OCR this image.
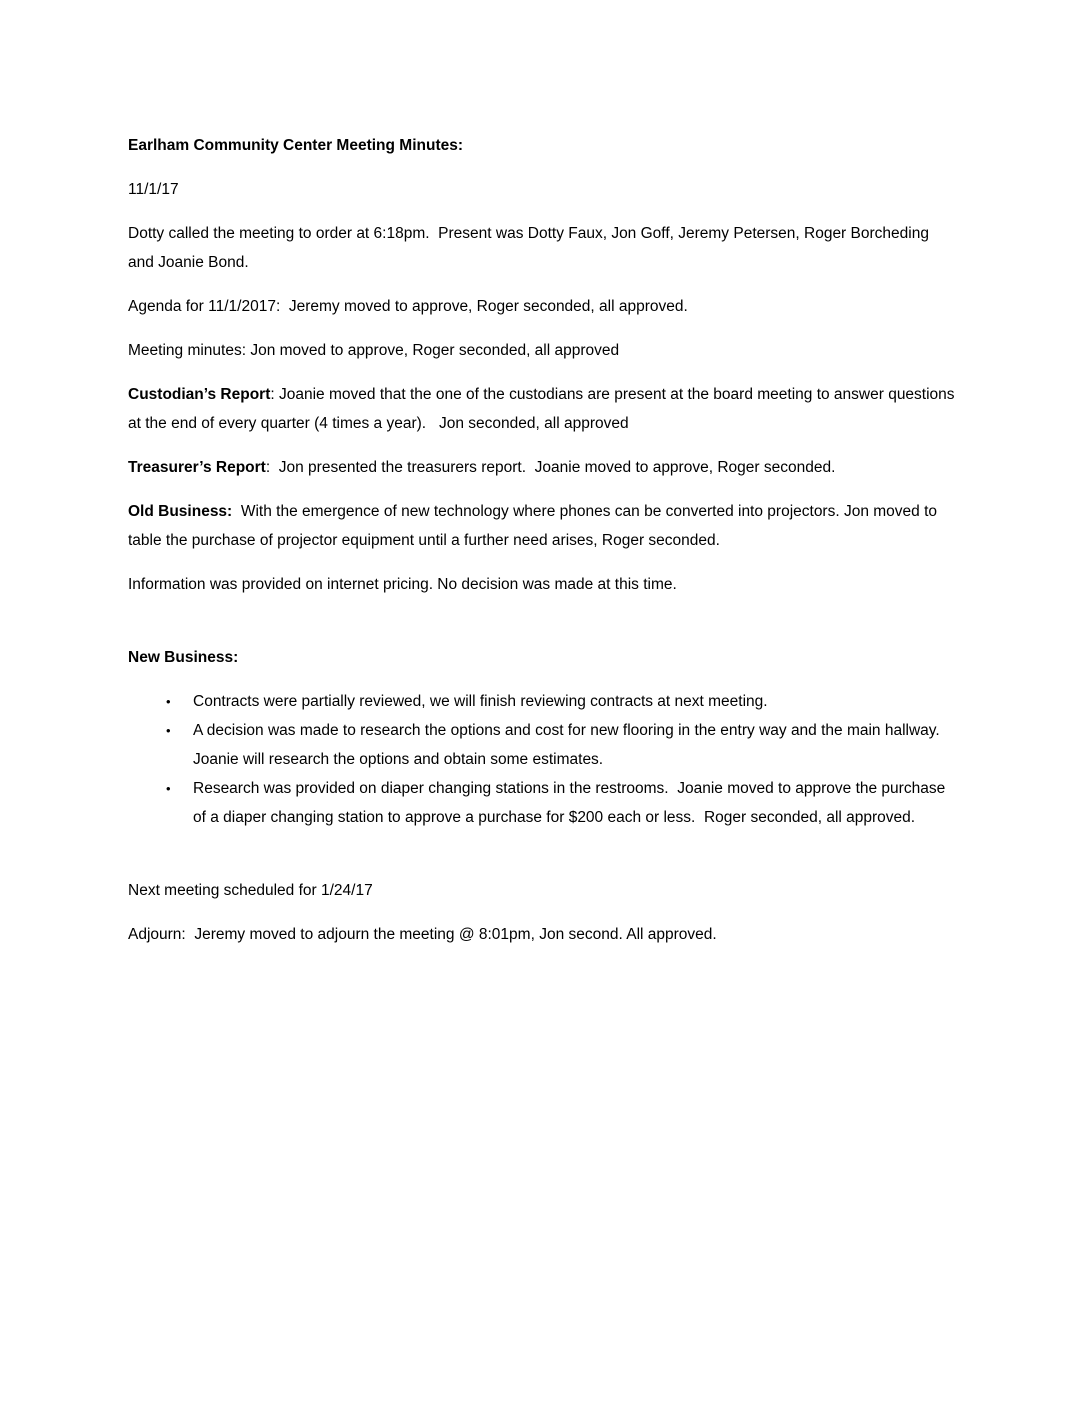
Earlham Community Center Meeting Minutes:

11/1/17

Dotty called the meeting to order at 6:18pm.  Present was Dotty Faux, Jon Goff, Jeremy Petersen, Roger Borcheding and Joanie Bond.

Agenda for 11/1/2017:  Jeremy moved to approve, Roger seconded, all approved.

Meeting minutes: Jon moved to approve, Roger seconded, all approved

Custodian’s Report: Joanie moved that the one of the custodians are present at the board meeting to answer questions at the end of every quarter (4 times a year).   Jon seconded, all approved

Treasurer’s Report:  Jon presented the treasurers report.  Joanie moved to approve, Roger seconded.

Old Business:  With the emergence of new technology where phones can be converted into projectors. Jon moved to table the purchase of projector equipment until a further need arises, Roger seconded.

Information was provided on internet pricing. No decision was made at this time.

New Business:

• Contracts were partially reviewed, we will finish reviewing contracts at next meeting.
• A decision was made to research the options and cost for new flooring in the entry way and the main hallway.  Joanie will research the options and obtain some estimates.
• Research was provided on diaper changing stations in the restrooms.  Joanie moved to approve the purchase of a diaper changing station to approve a purchase for $200 each or less.  Roger seconded, all approved.

Next meeting scheduled for 1/24/17

Adjourn:  Jeremy moved to adjourn the meeting @ 8:01pm, Jon second. All approved.
